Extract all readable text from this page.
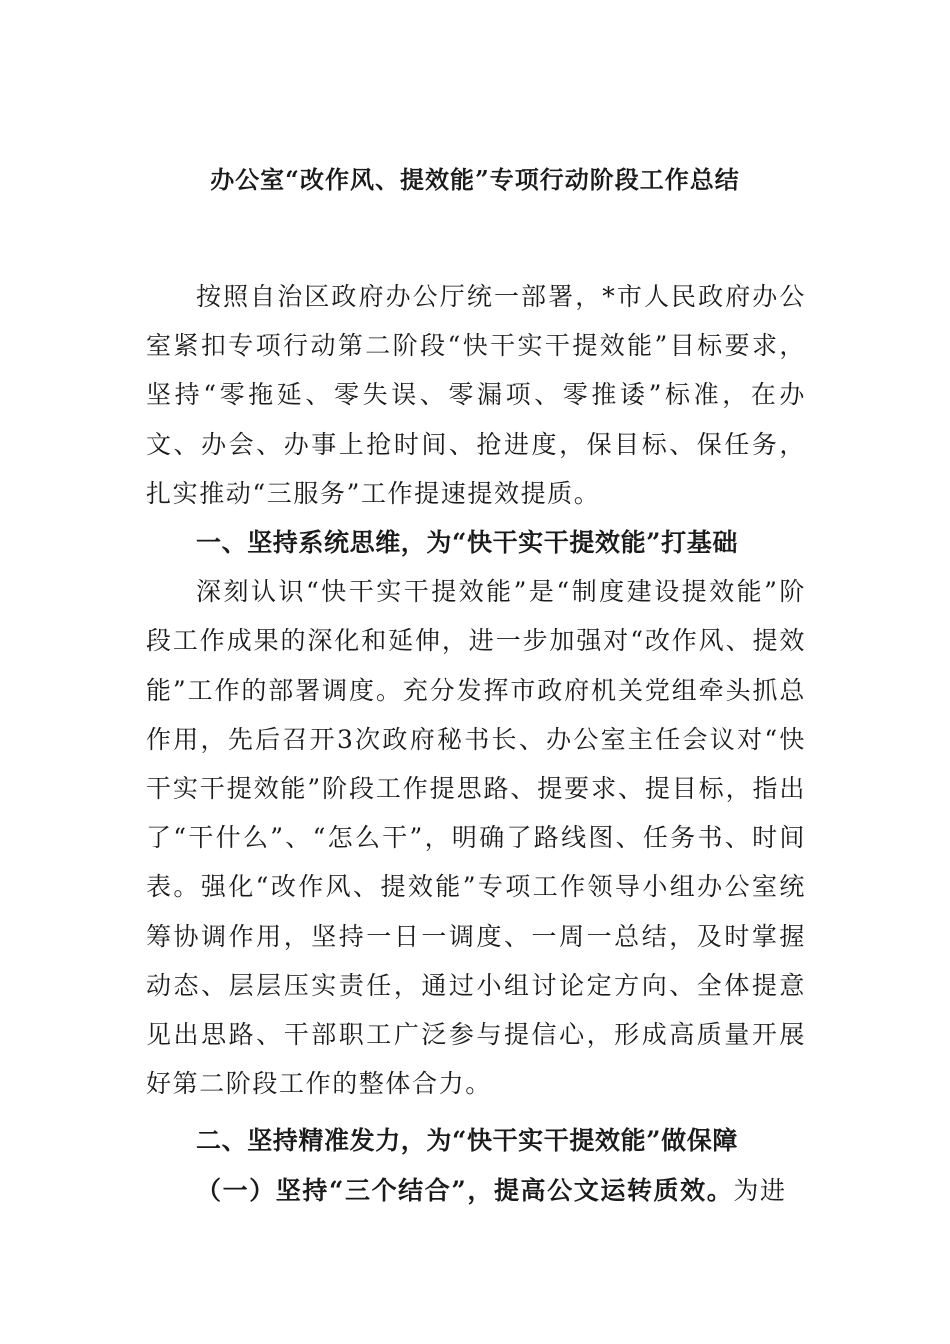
办公室“改作风、提效能”专项行动阶段工作总结

按照自治区政府办公厅统一部署，*市人民政府办公室紧扣专项行动第二阶段“快干实干提效能”目标要求，坚持“零拖延、零失误、零漏项、零推诿”标准，在办文、办会、办事上抢时间、抢进度，保目标、保任务，扎实推动“三服务”工作提速提效提质。

一、坚持系统思维，为“快干实干提效能”打基础

深刻认识“快干实干提效能”是“制度建设提效能”阶段工作成果的深化和延伸，进一步加强对“改作风、提效能”工作的部署调度。充分发挥市政府机关党组牵头抓总作用，先后召开3次政府秘书长、办公室主任会议对“快干实干提效能”阶段工作提思路、提要求、提目标，指出了“干什么”、“怎么干”，明确了路线图、任务书、时间表。强化“改作风、提效能”专项工作领导小组办公室统筹协调作用，坚持一日一调度、一周一总结，及时掌握动态、层层压实责任，通过小组讨论定方向、全体提意见出思路、干部职工广泛参与提信心，形成高质量开展好第二阶段工作的整体合力。

二、坚持精准发力，为“快干实干提效能”做保障

（一）坚持“三个结合”，提高公文运转质效。为进
